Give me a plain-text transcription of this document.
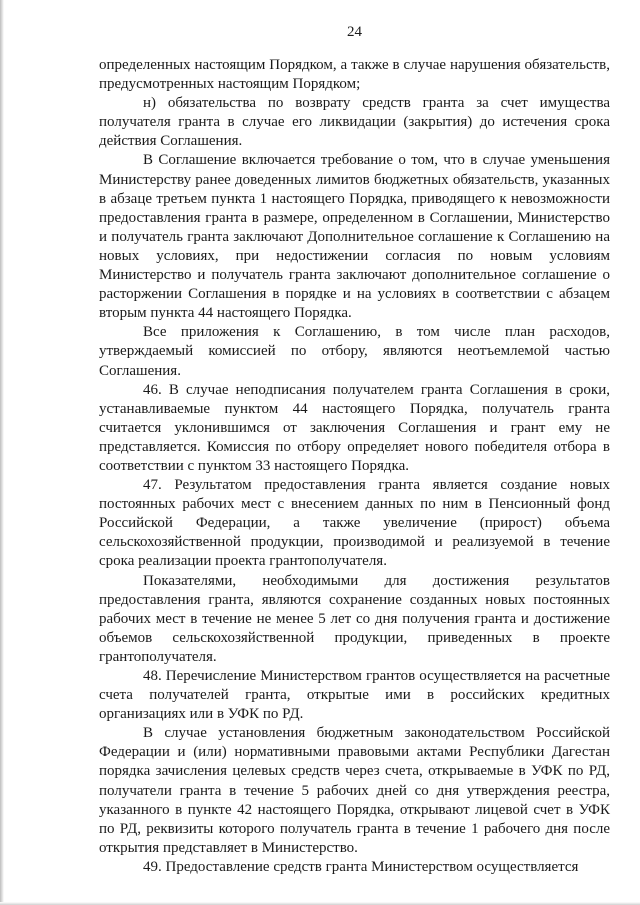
24

определенных настоящим Порядком, а также в случае нарушения обязательств, предусмотренных настоящим Порядком;

н) обязательства по возврату средств гранта за счет имущества получателя гранта в случае его ликвидации (закрытия) до истечения срока действия Соглашения.

В Соглашение включается требование о том, что в случае уменьшения Министерству ранее доведенных лимитов бюджетных обязательств, указанных в абзаце третьем пункта 1 настоящего Порядка, приводящего к невозможности предоставления гранта в размере, определенном в Соглашении, Министерство и получатель гранта заключают Дополнительное соглашение к Соглашению на новых условиях, при недостижении согласия по новым условиям Министерство и получатель гранта заключают дополнительное соглашение о расторжении Соглашения в порядке и на условиях в соответствии с абзацем вторым пункта 44 настоящего Порядка.

Все приложения к Соглашению, в том числе план расходов, утверждаемый комиссией по отбору, являются неотъемлемой частью Соглашения.

46. В случае неподписания получателем гранта Соглашения в сроки, устанавливаемые пунктом 44 настоящего Порядка, получатель гранта считается уклонившимся от заключения Соглашения и грант ему не представляется. Комиссия по отбору определяет нового победителя отбора в соответствии с пунктом 33 настоящего Порядка.

47. Результатом предоставления гранта является создание новых постоянных рабочих мест с внесением данных по ним в Пенсионный фонд Российской Федерации, а также увеличение (прирост) объема сельскохозяйственной продукции, производимой и реализуемой в течение срока реализации проекта грантополучателя.

Показателями, необходимыми для достижения результатов предоставления гранта, являются сохранение созданных новых постоянных рабочих мест в течение не менее 5 лет со дня получения гранта и достижение объемов сельскохозяйственной продукции, приведенных в проекте грантополучателя.

48. Перечисление Министерством грантов осуществляется на расчетные счета получателей гранта, открытые ими в российских кредитных организациях или в УФК по РД.

В случае установления бюджетным законодательством Российской Федерации и (или) нормативными правовыми актами Республики Дагестан порядка зачисления целевых средств через счета, открываемые в УФК по РД, получатели гранта в течение 5 рабочих дней со дня утверждения реестра, указанного в пункте 42 настоящего Порядка, открывают лицевой счет в УФК по РД, реквизиты которого получатель гранта в течение 1 рабочего дня после открытия представляет в Министерство.

49. Предоставление средств гранта Министерством осуществляется
